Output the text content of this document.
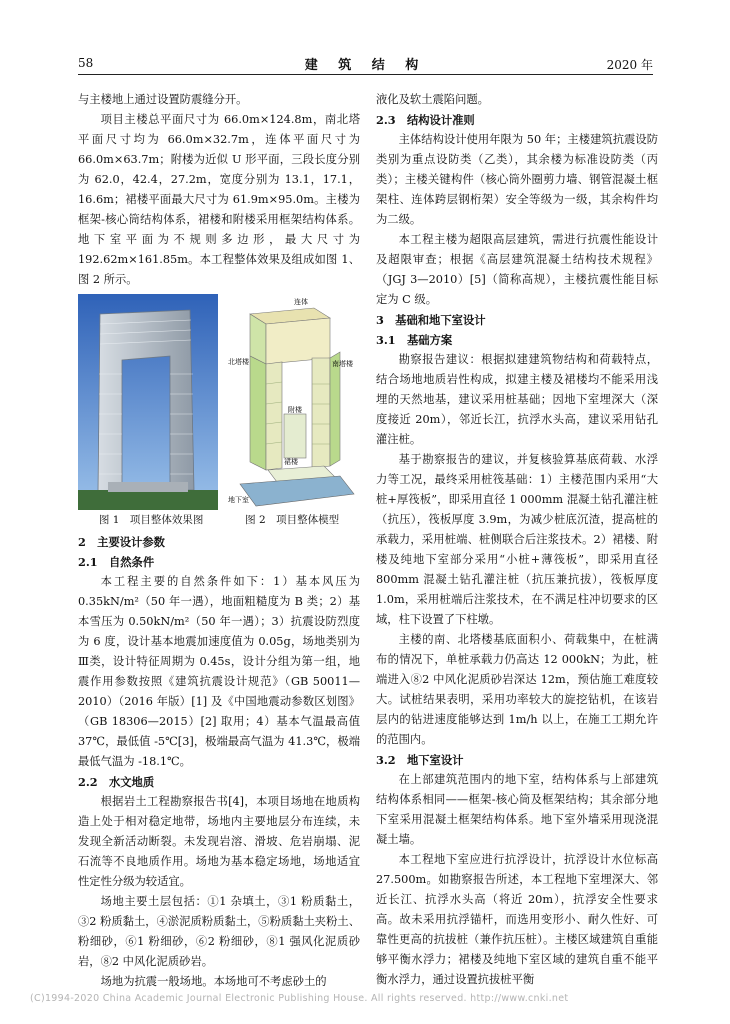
58	建 筑 结 构	2020 年

与主楼地上通过设置防震缝分开。

项目主楼总平面尺寸为 66.0m×124.8m，南北塔平面尺寸均为 66.0m×32.7m，连体平面尺寸为 66.0m×63.7m；附楼为近似 U 形平面，三段长度分别为 62.0，42.4，27.2m，宽度分别为 13.1，17.1，16.6m；裙楼平面最大尺寸为 61.9m×95.0m。主楼为框架-核心筒结构体系，裙楼和附楼采用框架结构体系。地下室平面为不规则多边形，最大尺寸为 192.62m×161.85m。本工程整体效果及组成如图 1、图 2 所示。

连体
北塔楼	南塔楼
附楼
裙楼
地下室
图 1　项目整体效果图	图 2　项目整体模型
2　主要设计参数
2.1　自然条件

本工程主要的自然条件如下：1）基本风压为 0.35kN/m²（50 年一遇），地面粗糙度为 B 类；2）基本雪压为 0.50kN/m²（50 年一遇）；3）抗震设防烈度为 6 度，设计基本地震加速度值为 0.05g，场地类别为Ⅲ类，设计特征周期为 0.45s，设计分组为第一组，地震作用参数按照《建筑抗震设计规范》（GB 50011—2010）（2016 年版）[1] 及《中国地震动参数区划图》（GB 18306—2015）[2] 取用；4）基本气温最高值 37℃，最低值 -5℃[3]，极端最高气温为 41.3℃，极端最低气温为 -18.1℃。

2.2　水文地质

根据岩土工程勘察报告书[4]，本项目场地在地质构造上处于相对稳定地带，场地内主要地层分布连续，未发现全新活动断裂。未发现岩溶、滑坡、危岩崩塌、泥石流等不良地质作用。场地为基本稳定场地，场地适宜性定性分级为较适宜。

场地主要土层包括：①1 杂填土，③1 粉质黏土，③2 粉质黏土，④淤泥质粉质黏土，⑤粉质黏土夹粉土、粉细砂，⑥1 粉细砂，⑥2 粉细砂，⑧1 强风化泥质砂岩，⑧2 中风化泥质砂岩。

场地为抗震一般场地。本场地可不考虑砂土的

液化及软土震陷问题。

2.3　结构设计准则

主体结构设计使用年限为 50 年；主楼建筑抗震设防类别为重点设防类（乙类），其余楼为标准设防类（丙类）；主楼关键构件（核心筒外圈剪力墙、钢管混凝土框架柱、连体跨层钢桁架）安全等级为一级，其余构件均为二级。

本工程主楼为超限高层建筑，需进行抗震性能设计及超限审查；根据《高层建筑混凝土结构技术规程》（JGJ 3—2010）[5]（简称高规），主楼抗震性能目标定为 C 级。

3　基础和地下室设计
3.1　基础方案

勘察报告建议：根据拟建建筑物结构和荷载特点，结合场地地质岩性构成，拟建主楼及裙楼均不能采用浅埋的天然地基，建议采用桩基础；因地下室埋深大（深度接近 20m），邻近长江，抗浮水头高，建议采用钻孔灌注桩。

基于勘察报告的建议，并复核验算基底荷载、水浮力等工况，最终采用桩筏基础：1）主楼范围内采用“大桩+厚筏板”，即采用直径 1 000mm 混凝土钻孔灌注桩（抗压），筏板厚度 3.9m，为减少桩底沉渣，提高桩的承载力，采用桩端、桩侧联合后注浆技术。2）裙楼、附楼及纯地下室部分采用“小桩+薄筏板”，即采用直径 800mm 混凝土钻孔灌注桩（抗压兼抗拔），筏板厚度 1.0m，采用桩端后注浆技术，在不满足柱冲切要求的区域，柱下设置了下柱墩。

主楼的南、北塔楼基底面积小、荷载集中，在桩满布的情况下，单桩承载力仍高达 12 000kN；为此，桩端进入⑧2 中风化泥质砂岩深达 12m，预估施工难度较大。试桩结果表明，采用功率较大的旋挖钻机，在该岩层内的钻进速度能够达到 1m/h 以上，在施工工期允许的范围内。

3.2　地下室设计

在上部建筑范围内的地下室，结构体系与上部建筑结构体系相同——框架-核心筒及框架结构；其余部分地下室采用混凝土框架结构体系。地下室外墙采用现浇混凝土墙。

本工程地下室应进行抗浮设计，抗浮设计水位标高 27.500m。如勘察报告所述，本工程地下室埋深大、邻近长江、抗浮水头高（将近 20m），抗浮安全性要求高。故未采用抗浮锚杆，而选用变形小、耐久性好、可靠性更高的抗拔桩（兼作抗压桩）。主楼区域建筑自重能够平衡水浮力；裙楼及纯地下室区域的建筑自重不能平衡水浮力，通过设置抗拔桩平衡

(C)1994-2020 China Academic Journal Electronic Publishing House. All rights reserved. http://www.cnki.net
